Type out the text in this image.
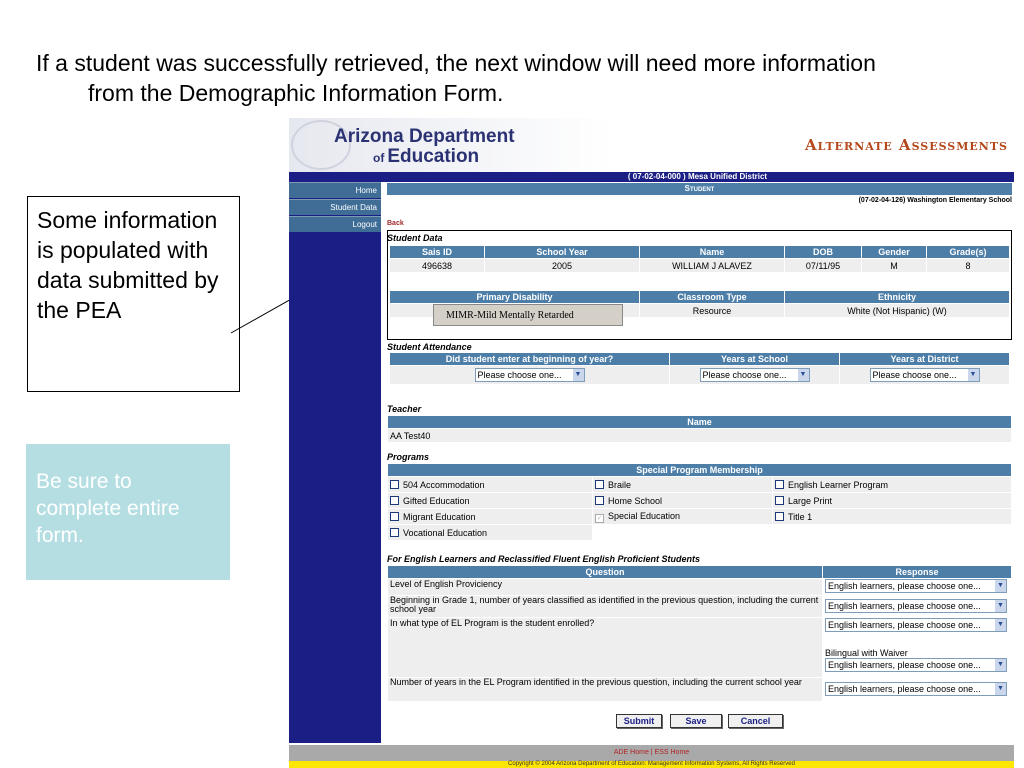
If a student was successfully retrieved, the next window will need more information
from the Demographic Information Form.
Some information is populated with data submitted by the PEA
Be sure to complete entire form.
Arizona Department
of Education
Alternate Assessments
Home
Student Data
Logout
( 07-02-04-000 ) Mesa Unified District
Student
(07-02-04-126) Washington Elementary School
Back
Student Data
Sais ID	School Year	Name	DOB	Gender	Grade(s)
496638	2005	WILLIAM J ALAVEZ	07/11/95	M	8
Primary Disability	Classroom Type	Ethnicity
	Resource	White (Not Hispanic) (W)
Student Attendance
Did student enter at beginning of year?	Years at School	Years at District
Please choose one... ▼	Please choose one... ▼	Please choose one... ▼
Teacher
Name
AA Test40
Programs
Special Program Membership		
504 Accommodation	Braile	English Learner Program
Gifted Education	Home School	Large Print
Migrant Education	✓ Special Education	Title 1
Vocational Education		
For English Learners and Reclassified Fluent English Proficient Students
Question	Response
Level of English Proviciency	English learners, please choose one... ▼

Beginning in Grade 1, number of years classified as identified in the previous question, including the current school year	English learners, please choose one... ▼

In what type of EL Program is the student enrolled?	English learners, please choose one... ▼
Bilingual with Waiver
English learners, please choose one... ▼

Number of years in the EL Program identified in the previous question, including the current school year	English learners, please choose one... ▼
MIMR-Mild Mentally Retarded
Submit	Save	Cancel
ADE Home | ESS Home
Copyright © 2004 Arizona Department of Education: Management Information Systems, All Rights Reserved
